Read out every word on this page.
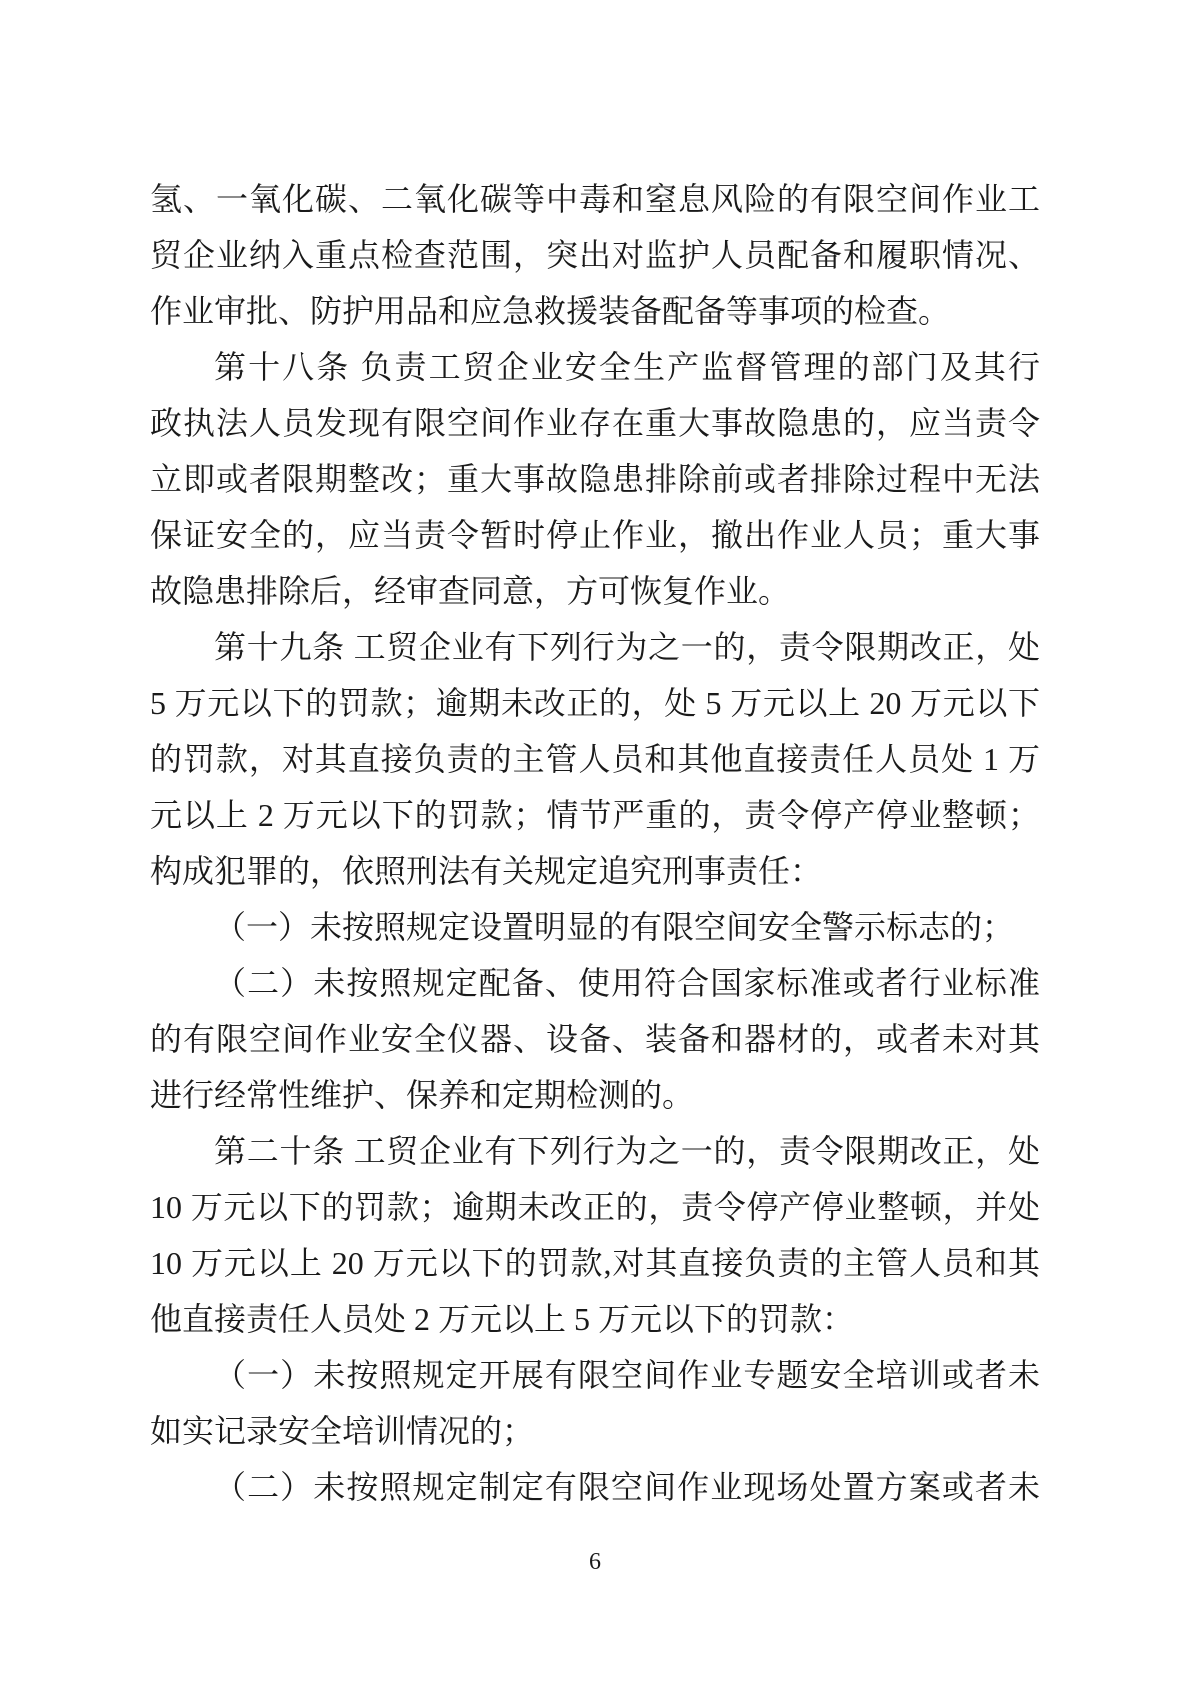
氢、一氧化碳、二氧化碳等中毒和窒息风险的有限空间作业工
贸企业纳入重点检查范围，突出对监护人员配备和履职情况、
作业审批、防护用品和应急救援装备配备等事项的检查。
第十八条 负责工贸企业安全生产监督管理的部门及其行
政执法人员发现有限空间作业存在重大事故隐患的，应当责令
立即或者限期整改；重大事故隐患排除前或者排除过程中无法
保证安全的，应当责令暂时停止作业，撤出作业人员；重大事
故隐患排除后，经审查同意，方可恢复作业。
第十九条 工贸企业有下列行为之一的，责令限期改正，处
5 万元以下的罚款；逾期未改正的，处 5 万元以上 20 万元以下
的罚款，对其直接负责的主管人员和其他直接责任人员处 1 万
元以上 2 万元以下的罚款；情节严重的，责令停产停业整顿；
构成犯罪的，依照刑法有关规定追究刑事责任：
（一）未按照规定设置明显的有限空间安全警示标志的；
（二）未按照规定配备、使用符合国家标准或者行业标准
的有限空间作业安全仪器、设备、装备和器材的，或者未对其
进行经常性维护、保养和定期检测的。
第二十条 工贸企业有下列行为之一的，责令限期改正，处
10 万元以下的罚款；逾期未改正的，责令停产停业整顿，并处
10 万元以上 20 万元以下的罚款,对其直接负责的主管人员和其
他直接责任人员处 2 万元以上 5 万元以下的罚款：
（一）未按照规定开展有限空间作业专题安全培训或者未
如实记录安全培训情况的；
（二）未按照规定制定有限空间作业现场处置方案或者未
6
